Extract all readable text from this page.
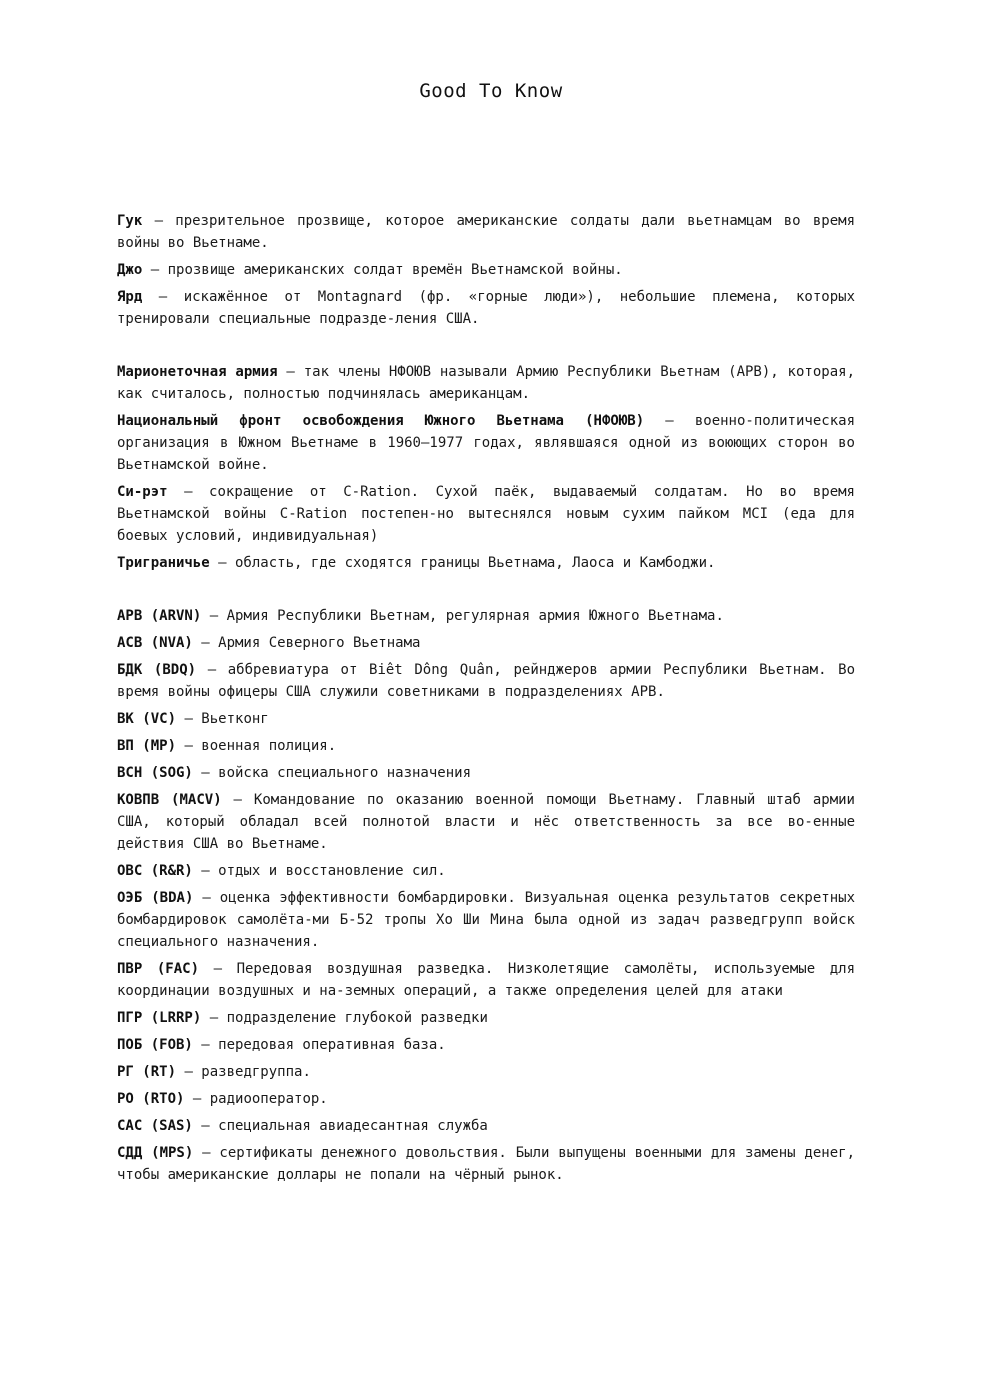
Good To Know

Гук — презрительное прозвище, которое американские солдаты дали вьетнамцам во время войны во Вьетнаме.

Джо — прозвище американских солдат времён Вьетнамской войны.

Ярд — искажённое от Montagnard (фр. «горные люди»), небольшие племена, которых тренировали специальные подразде-ления США.

Марионеточная армия — так члены НФОЮВ называли Армию Республики Вьетнам (АРВ), которая, как считалось, полностью подчинялась американцам.

Национальный фронт освобождения Южного Вьетнама (НФОЮВ) — военно-политическая организация в Южном Вьетнаме в 1960—1977 годах, являвшаяся одной из воюющих сторон во Вьетнамской войне.

Си-рэт — сокращение от C-Ration. Сухой паёк, выдаваемый солдатам. Но во время Вьетнамской войны C-Ration постепен-но вытеснялся новым сухим пайком MCI (еда для боевых условий, индивидуальная)

Триграничье — область, где сходятся границы Вьетнама, Лаоса и Камбоджи.

АРВ (ARVN) — Армия Республики Вьетнам, регулярная армия Южного Вьетнама.

АСВ (NVA) — Армия Северного Вьетнама

БДК (BDQ) — аббревиатура от Biêt Dông Quân, рейнджеров армии Республики Вьетнам. Во время войны офицеры США служили советниками в подразделениях АРВ.

ВК (VC) — Вьетконг

ВП (MP) — военная полиция.

ВСН (SOG) — войска специального назначения

КОВПВ (MACV) — Командование по оказанию военной помощи Вьетнаму. Главный штаб армии США, который обладал всей полнотой власти и нёс ответственность за все во-енные действия США во Вьетнаме.

ОВС (R&R) — отдых и восстановление сил.

ОЭБ (BDA) — оценка эффективности бомбардировки. Визуальная оценка результатов секретных бомбардировок самолёта-ми Б-52 тропы Хо Ши Мина была одной из задач разведгрупп войск специального назначения.

ПВР (FAC) — Передовая воздушная разведка. Низколетящие самолёты, используемые для координации воздушных и на-земных операций, а также определения целей для атаки

ПГР (LRRP) — подразделение глубокой разведки

ПОБ (FOB) — передовая оперативная база.

РГ (RT) — разведгруппа.

РО (RTO) — радиооператор.

САС (SAS) — специальная авиадесантная служба

СДД (MPS) — сертификаты денежного довольствия. Были выпущены военными для замены денег, чтобы американские доллары не попали на чёрный рынок.
